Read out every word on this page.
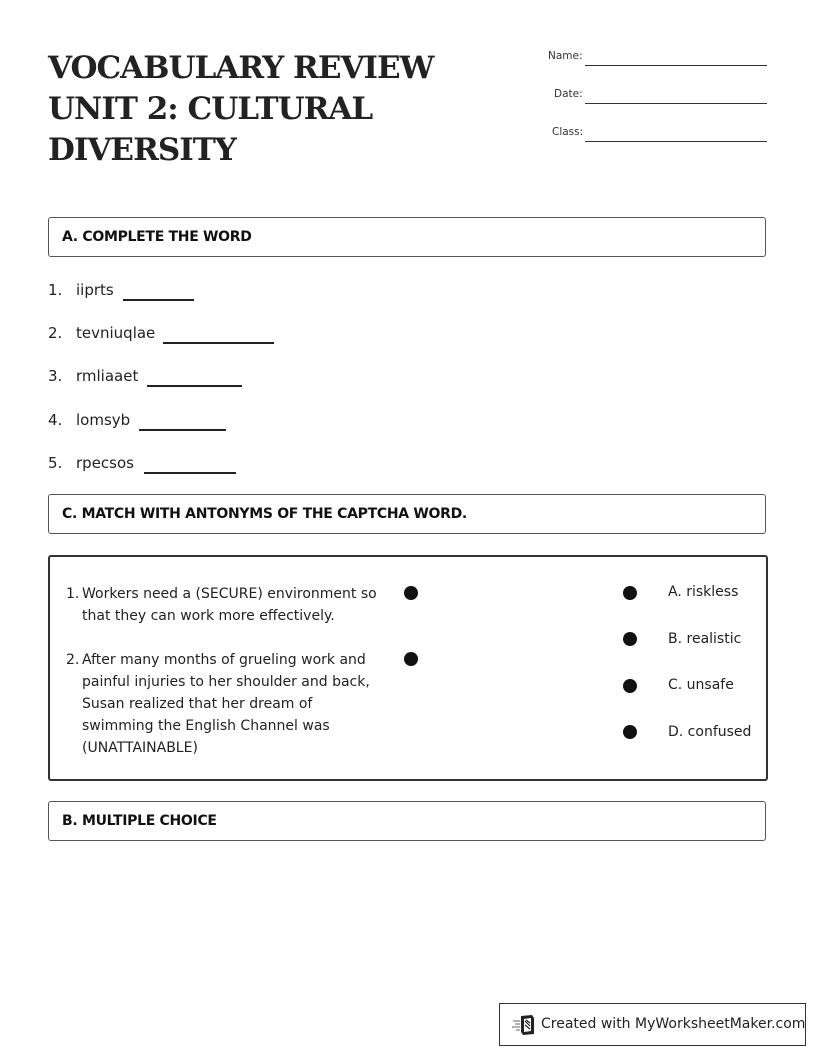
VOCABULARY REVIEW
UNIT 2: CULTURAL
DIVERSITY
Name:
Date:
Class:
A. COMPLETE THE WORD
1. iiprts
2. tevniuqlae
3. rmliaaet
4. lomsyb
5. rpecsos
C. MATCH WITH ANTONYMS OF THE CAPTCHA WORD.
1. Workers need a (SECURE) environment so that they can work more effectively.
2. After many months of grueling work and painful injuries to her shoulder and back, Susan realized that her dream of swimming the English Channel was (UNATTAINABLE)
A. riskless
B. realistic
C. unsafe
D. confused
B. MULTIPLE CHOICE
Created with MyWorksheetMaker.com
